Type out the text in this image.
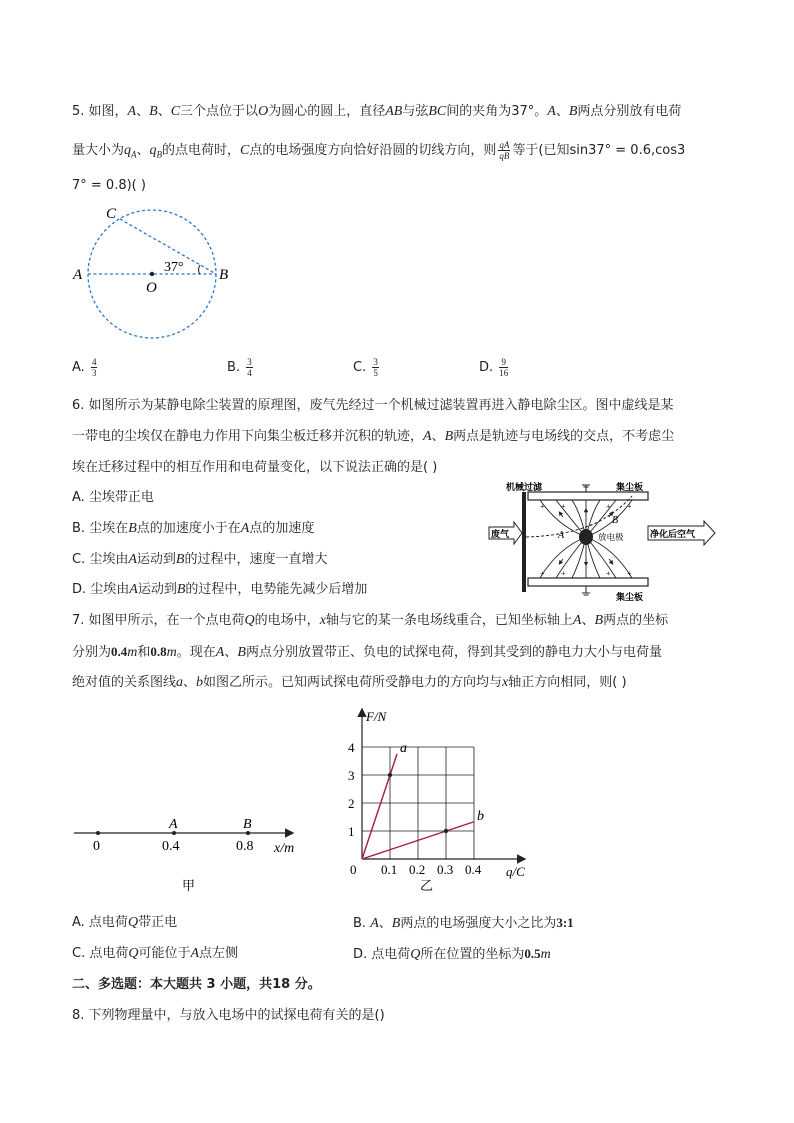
5. 如图，A、B、C三个点位于以O为圆心的圆上，直径AB与弦BC间的夹角为37°。A、B两点分别放有电荷
量大小为$q_A$、$q_B$的点电荷时，C点的电场强度方向恰好沿圆的切线方向，则 $\frac{qA}{qB}$ 等于(已知sin37° = 0.6,cos3
7° = 0.8)( )
A	B
C
O
37°
A. $\frac{4}{3}$	B. $\frac{3}{4}$	C. $\frac{3}{5}$	D. $\frac{9}{16}$
6. 如图所示为某静电除尘装置的原理图，废气先经过一个机械过滤装置再进入静电除尘区。图中虚线是某
一带电的尘埃仅在静电力作用下向集尘板迁移并沉积的轨迹，A、B两点是轨迹与电场线的交点，不考虑尘
埃在迁移过程中的相互作用和电荷量变化，以下说法正确的是( )
A. 尘埃带正电
B. 尘埃在B点的加速度小于在A点的加速度
C. 尘埃由A运动到B的过程中，速度一直增大
D. 尘埃由A运动到B的过程中，电势能先减少后增加
+ +	+ +
+ +	+ +
机械过滤	集尘板
集尘板
放电极
A
B
废气	净化后空气
7. 如图甲所示，在一个点电荷Q的电场中，x轴与它的某一条电场线重合，已知坐标轴上A、B两点的坐标
分别为0.4m和0.8m。现在A、B两点分别放置带正、负电的试探电荷，得到其受到的静电力大小与电荷量
绝对值的关系图线a、b如图乙所示。已知两试探电荷所受静电力的方向均与x轴正方向相同，则( )
0	0.4	0.8
A	B
x/m
甲
0.1 0.2 0.3 0.4
1
2
3
4
0
F/N
q/C
a
b
乙
A. 点电荷Q带正电	B. A、B两点的电场强度大小之比为3:1
C. 点电荷Q可能位于A点左侧	D. 点电荷Q所在位置的坐标为0.5m
二、多选题：本大题共 3 小题，共18 分。
8. 下列物理量中，与放入电场中的试探电荷有关的是()
